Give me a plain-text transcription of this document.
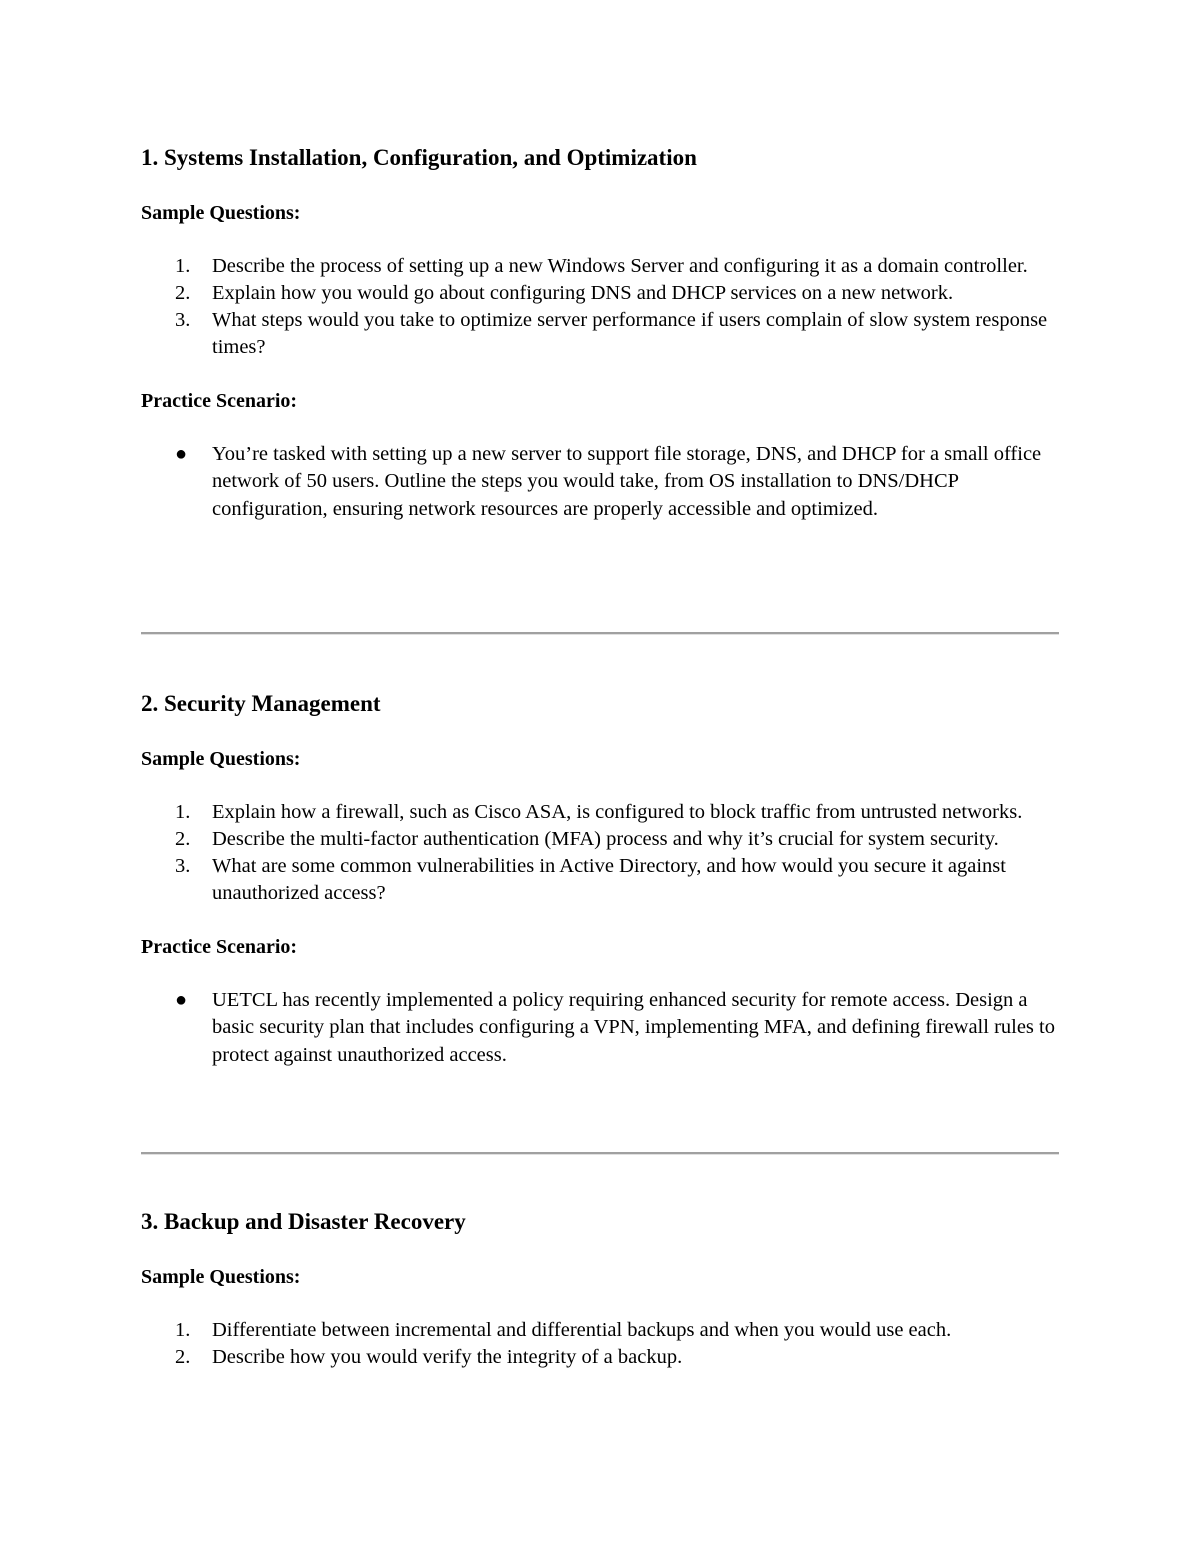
1. Systems Installation, Configuration, and Optimization

Sample Questions:

1. Describe the process of setting up a new Windows Server and configuring it as a domain controller.
2. Explain how you would go about configuring DNS and DHCP services on a new network.
3. What steps would you take to optimize server performance if users complain of slow system response times?

Practice Scenario:

● You’re tasked with setting up a new server to support file storage, DNS, and DHCP for a small office network of 50 users. Outline the steps you would take, from OS installation to DNS/DHCP configuration, ensuring network resources are properly accessible and optimized.
2. Security Management

Sample Questions:

1. Explain how a firewall, such as Cisco ASA, is configured to block traffic from untrusted networks.
2. Describe the multi-factor authentication (MFA) process and why it’s crucial for system security.
3. What are some common vulnerabilities in Active Directory, and how would you secure it against unauthorized access?

Practice Scenario:

● UETCL has recently implemented a policy requiring enhanced security for remote access. Design a basic security plan that includes configuring a VPN, implementing MFA, and defining firewall rules to protect against unauthorized access.
3. Backup and Disaster Recovery

Sample Questions:

1. Differentiate between incremental and differential backups and when you would use each.
2. Describe how you would verify the integrity of a backup.
